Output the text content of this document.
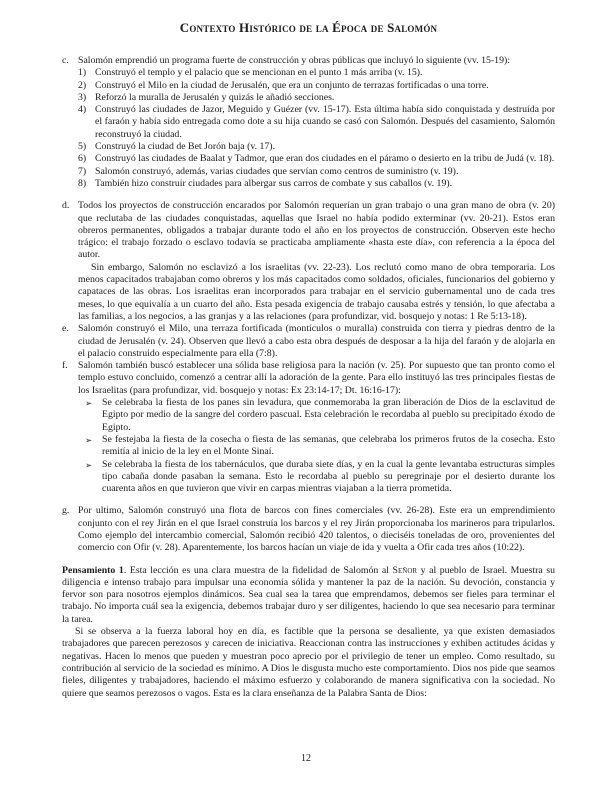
Contexto Histórico de la Época de Salomón
c. Salomón emprendió un programa fuerte de construcción y obras públicas que incluyó lo siguiente (vv. 15-19):

1) Construyó el templo y el palacio que se mencionan en el punto 1 más arriba (v. 15).
2) Construyó el Milo en la ciudad de Jerusalén, que era un conjunto de terrazas fortificadas o una torre.
3) Reforzó la muralla de Jerusalén y quizás le añadió secciones.
4) Construyó las ciudades de Jazor, Meguido y Guézer (vv. 15-17). Esta última había sido conquistada y destruída por el faraón y había sido entregada como dote a su hija cuando se casó con Salomón. Después del casamiento, Salomón reconstruyó la ciudad.
5) Construyó la ciudad de Bet Jorón baja (v. 17).
6) Construyó las ciudades de Baalat y Tadmor, que eran dos ciudades en el páramo o desierto en la tribu de Judá (v. 18).
7) Salomón construyó, además, varias ciudades que servían como centros de suministro (v. 19).
8) También hizo construir ciudades para albergar sus carros de combate y sus caballos (v. 19).
d. Todos los proyectos de construcción encarados por Salomón requerían un gran trabajo o una gran mano de obra (v. 20) que reclutaba de las ciudades conquistadas, aquellas que Israel no había podido exterminar (vv. 20-21). Estos eran obreros permanentes, obligados a trabajar durante todo el año en los proyectos de construcción. Observen este hecho trágico: el trabajo forzado o esclavo todavía se practicaba ampliamente «hasta este día», con referencia a la época del autor.

Sin embargo, Salomón no esclavizó a los israelitas (vv. 22-23). Los reclutó como mano de obra temporaria. Los menos capacitados trabajaban como obreros y los más capacitados como soldados, oficiales, funcionarios del gobierno y capataces de las obras. Los israelitas eran incorporados para trabajar en el servicio gubernamental uno de cada tres meses, lo que equivalía a un cuarto del año. Esta pesada exigencia de trabajo causaba estrés y tensión, lo que afectaba a las familias, a los negocios, a las granjas y a las relaciones (para profundizar, vid. bosquejo y notas: 1 Re 5:13-18).

e. Salomón construyó el Milo, una terraza fortificada (montículos o muralla) construida con tierra y piedras dentro de la ciudad de Jerusalén (v. 24). Observen que llevó a cabo esta obra después de desposar a la hija del faraón y de alojarla en el palacio construido especialmente para ella (7:8).

f.	Salomón también buscó establecer una sólida base religiosa para la nación (v. 25). Por supuesto que tan pronto como el templo estuvo concluido, comenzó a centrar allí la adoración de la gente. Para ello instituyó las tres principales fiestas de los Israelitas (para profundizar, vid. bosquejo y notas: Ex 23:14-17; Dt. 16:16-17):

➢	Se celebraba la fiesta de los panes sin levadura, que conmemoraba la gran liberación de Dios de la esclavitud de Egipto por medio de la sangre del cordero pascual. Esta celebración le recordaba al pueblo su precipitado éxodo de Egipto.
➢	Se festejaba la fiesta de la cosecha o fiesta de las semanas, que celebraba los primeros frutos de la cosecha. Esto remitía al inicio de la ley en el Monte Sinaí.
➢	Se celebraba la fiesta de los tabernáculos, que duraba siete días, y en la cual la gente levantaba estructuras simples tipo cabaña donde pasaban la semana. Esto le recordaba al pueblo su peregrinaje por el desierto durante los cuarenta años en que tuvieron que vivir en carpas mientras viajaban a la tierra prometida.
g. Por ultimo, Salomón construyó una flota de barcos con fines comerciales (vv. 26-28). Este era un emprendimiento conjunto con el rey Jirán en el que Israel construía los barcos y el rey Jirán proporcionaba los marineros para tripularlos. Como ejemplo del intercambio comercial, Salomón recibió 420 talentos, o dieciséis toneladas de oro, provenientes del comercio con Ofir (v. 28). Aparentemente, los barcos hacían un viaje de ida y vuelta a Ofir cada tres años (10:22).

Pensamiento 1. Esta lección es una clara muestra de la fidelidad de Salomón al Señor y al pueblo de Israel. Muestra su diligencia e intenso trabajo para impulsar una economía sólida y mantener la paz de la nación. Su devoción, constancia y fervor son para nosotros ejemplos dinámicos. Sea cual sea la tarea que emprendamos, debemos ser fieles para terminar el trabajo. No importa cuál sea la exigencia, debemos trabajar duro y ser diligentes, haciendo lo que sea necesario para terminar la tarea.

Si se observa a la fuerza laboral hoy en día, es factible que la persona se desaliente, ya que existen demasiados trabajadores que parecen perezosos y carecen de iniciativa. Reaccionan contra las instrucciones y exhiben actitudes ácidas y negativas. Hacen lo menos que pueden y muestran poco aprecio por el privilegio de tener un empleo. Como resultado, su contribución al servicio de la sociedad es mínimo. A Dios le disgusta mucho este comportamiento. Dios nos pide que seamos fieles, diligentes y trabajadores, haciendo el máximo esfuerzo y colaborando de manera significativa con la sociedad. No quiere que seamos perezosos o vagos. Esta es la clara enseñanza de la Palabra Santa de Dios:

12
